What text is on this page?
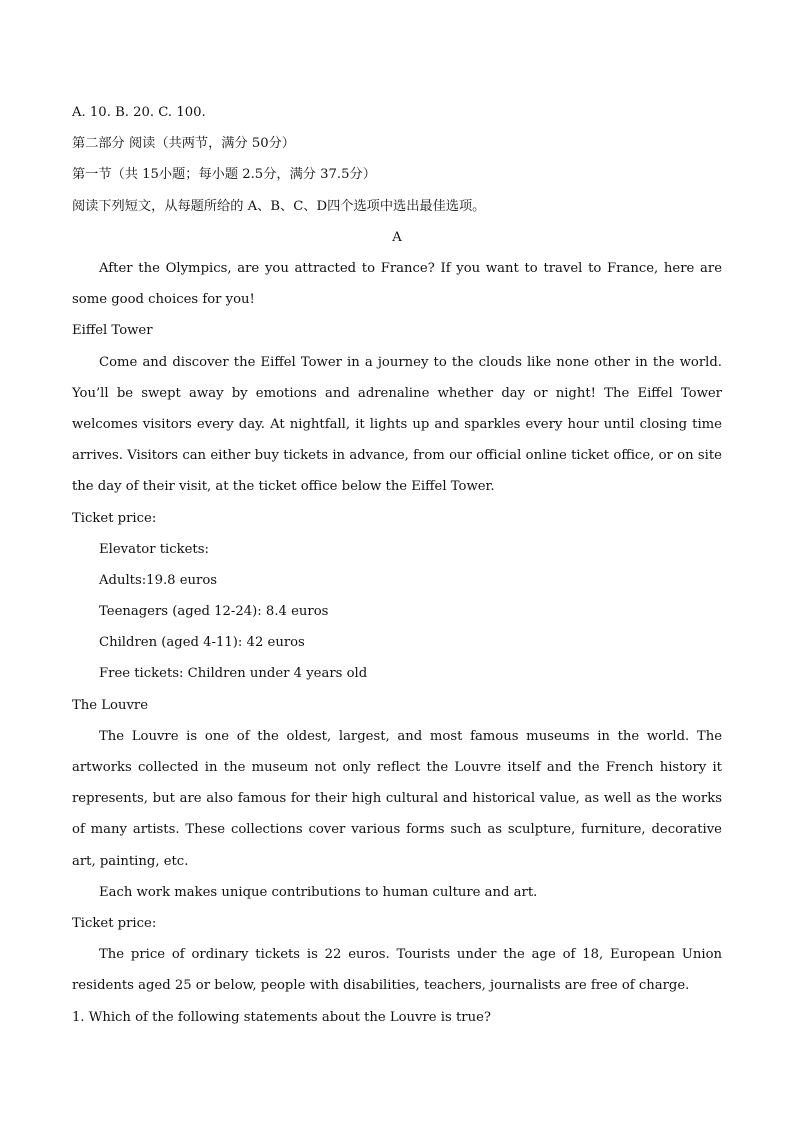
A. 10. B. 20. C. 100.
第二部分 阅读（共两节，满分 50分）
第一节（共 15小题；每小题 2.5分，满分 37.5分）
阅读下列短文，从每题所给的 A、B、C、D四个选项中选出最佳选项。
A

After the Olympics, are you attracted to France? If you want to travel to France, here are some good choices for you!

Eiffel Tower

Come and discover the Eiffel Tower in a journey to the clouds like none other in the world. You’ll be swept away by emotions and adrenaline whether day or night! The Eiffel Tower welcomes visitors every day. At nightfall, it lights up and sparkles every hour until closing time arrives. Visitors can either buy tickets in advance, from our official online ticket office, or on site the day of their visit, at the ticket office below the Eiffel Tower.

Ticket price:
Elevator tickets:
Adults:19.8 euros
Teenagers (aged 12-24): 8.4 euros
Children (aged 4-11): 42 euros
Free tickets: Children under 4 years old
The Louvre

The Louvre is one of the oldest, largest, and most famous museums in the world. The artworks collected in the museum not only reflect the Louvre itself and the French history it represents, but are also famous for their high cultural and historical value, as well as the works of many artists. These collections cover various forms such as sculpture, furniture, decorative art, painting, etc.

Each work makes unique contributions to human culture and art.

Ticket price:

The price of ordinary tickets is 22 euros. Tourists under the age of 18, European Union residents aged 25 or below, people with disabilities, teachers, journalists are free of charge.

1. Which of the following statements about the Louvre is true?
